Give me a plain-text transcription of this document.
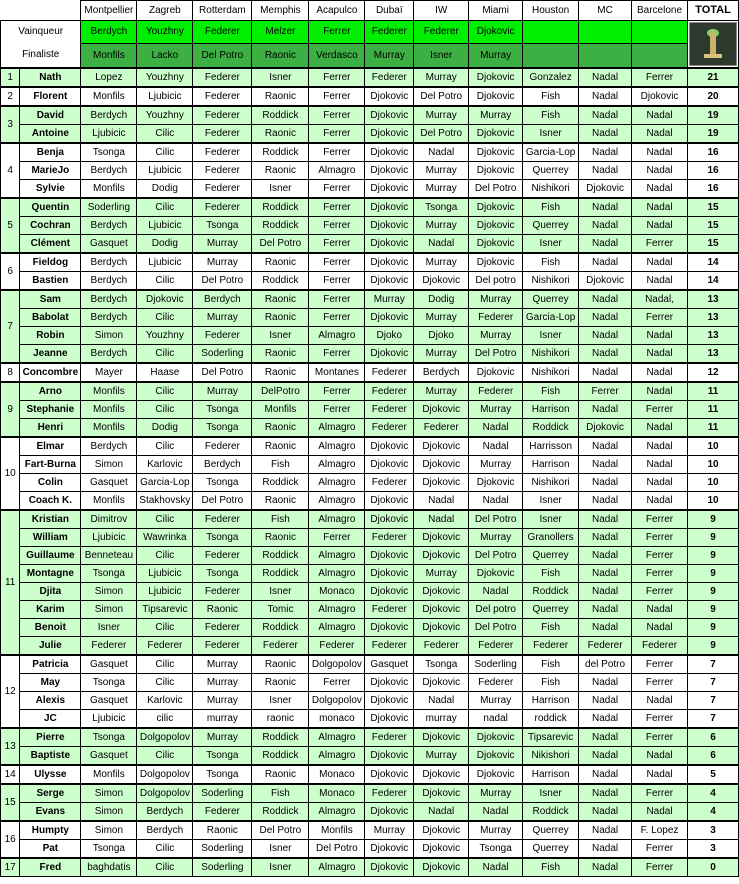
		Montpellier	Zagreb	Rotterdam	Memphis	Acapulco	Dubaï	IW	Miami	Houston	MC	Barcelone	TOTAL
Vainqueur		Berdych	Youzhny	Federer	Melzer	Ferrer	Federer	Federer	Djokovic				

Finaliste		Monfils	Lacko	Del Potro	Raonic	Verdasco	Murray	Isner	Murray				
1	Nath	Lopez	Youzhny	Federer	Isner	Ferrer	Federer	Murray	Djokovic	Gonzalez	Nadal	Ferrer	21
2	Florent	Monfils	Ljubicic	Federer	Raonic	Ferrer	Djokovic	Del Potro	Djokovic	Fish	Nadal	Djokovic	20
3	David	Berdych	Youzhny	Federer	Roddick	Ferrer	Djokovic	Murray	Murray	Fish	Nadal	Nadal	19
	Antoine	Ljubicic	Cilic	Federer	Raonic	Ferrer	Djokovic	Del Potro	Djokovic	Isner	Nadal	Nadal	19
4	Benja	Tsonga	Cilic	Federer	Roddick	Ferrer	Djokovic	Nadal	Djokovic	Garcia-Lop	Nadal	Nadal	16
	MarieJo	Berdych	Ljubicic	Federer	Raonic	Almagro	Djokovic	Murray	Djokovic	Querrey	Nadal	Nadal	16
	Sylvie	Monfils	Dodig	Federer	Isner	Ferrer	Djokovic	Murray	Del Potro	Nishikori	Djokovic	Nadal	16
5	Quentin	Soderling	Cilic	Federer	Roddick	Ferrer	Djokovic	Tsonga	Djokovic	Fish	Nadal	Nadal	15
	Cochran	Berdych	Ljubicic	Tsonga	Roddick	Ferrer	Djokovic	Murray	Djokovic	Querrey	Nadal	Nadal	15
	Clément	Gasquet	Dodig	Murray	Del Potro	Ferrer	Djokovic	Nadal	Djokovic	Isner	Nadal	Ferrer	15
6	Fieldog	Berdych	Ljubicic	Murray	Raonic	Ferrer	Djokovic	Murray	Djokovic	Fish	Nadal	Nadal	14
	Bastien	Berdych	Cilic	Del Potro	Roddick	Ferrer	Djokovic	Djokovic	Del potro	Nishikori	Djokovic	Nadal	14
7	Sam	Berdych	Djokovic	Berdych	Raonic	Ferrer	Murray	Dodig	Murray	Querrey	Nadal	Nadal,	13
	Babolat	Berdych	Cilic	Murray	Raonic	Ferrer	Djokovic	Murray	Federer	Garcia-Lop	Nadal	Ferrer	13
	Robin	Simon	Youzhny	Federer	Isner	Almagro	Djoko	Djoko	Murray	Isner	Nadal	Nadal	13
	Jeanne	Berdych	Cilic	Soderling	Raonic	Ferrer	Djokovic	Murray	Del Potro	Nishikori	Nadal	Nadal	13
8	Concombre	Mayer	Haase	Del Potro	Raonic	Montanes	Federer	Berdych	Djokovic	Nishikori	Nadal	Nadal	12
9	Arno	Monfils	Cilic	Murray	DelPotro	Ferrer	Federer	Murray	Federer	Fish	Ferrer	Nadal	11
	Stephanie	Monfils	Cilic	Tsonga	Monfils	Ferrer	Federer	Djokovic	Murray	Harrison	Nadal	Ferrer	11
	Henri	Monfils	Dodig	Tsonga	Raonic	Almagro	Federer	Federer	Nadal	Roddick	Djokovic	Nadal	11
10	Elmar	Berdych	Cilic	Federer	Raonic	Almagro	Djokovic	Djokovic	Nadal	Harrisson	Nadal	Nadal	10
	Fart-Burna	Simon	Karlovic	Berdych	Fish	Almagro	Djokovic	Djokovic	Murray	Harrison	Nadal	Nadal	10
	Colin	Gasquet	Garcia-Lop	Tsonga	Roddick	Almagro	Federer	Djokovic	Djokovic	Nishikori	Nadal	Nadal	10
	Coach K.	Monfils	Stakhovsky	Del Potro	Raonic	Almagro	Djokovic	Nadal	Nadal	Isner	Nadal	Nadal	10
11	Kristian	Dimitrov	Cilic	Federer	Fish	Almagro	Djokovic	Nadal	Del Potro	Isner	Nadal	Ferrer	9
	William	Ljubicic	Wawrinka	Tsonga	Raonic	Ferrer	Federer	Djokovic	Murray	Granollers	Nadal	Ferrer	9
	Guillaume	Benneteau	Cilic	Federer	Roddick	Almagro	Djokovic	Djokovic	Del Potro	Querrey	Nadal	Ferrer	9
	Montagne	Tsonga	Ljubicic	Tsonga	Roddick	Almagro	Djokovic	Murray	Djokovic	Fish	Nadal	Ferrer	9
	Djita	Simon	Ljubicic	Federer	Isner	Monaco	Djokovic	Djokovic	Nadal	Roddick	Nadal	Ferrer	9
	Karim	Simon	Tipsarevic	Raonic	Tomic	Almagro	Federer	Djokovic	Del potro	Querrey	Nadal	Nadal	9
	Benoit	Isner	Cilic	Federer	Roddick	Almagro	Djokovic	Djokovic	Del Potro	Fish	Nadal	Nadal	9
	Julie	Federer	Federer	Federer	Federer	Federer	Federer	Federer	Federer	Federer	Federer	Federer	9
12	Patricia	Gasquet	Cilic	Murray	Raonic	Dolgopolov	Gasquet	Tsonga	Soderling	Fish	del Potro	Ferrer	7
	May	Tsonga	Cilic	Murray	Raonic	Ferrer	Djokovic	Djokovic	Federer	Fish	Nadal	Ferrer	7
	Alexis	Gasquet	Karlovic	Murray	Isner	Dolgopolov	Djokovic	Nadal	Murray	Harrison	Nadal	Nadal	7
	JC	Ljubicic	cilic	murray	raonic	monaco	Djokovic	murray	nadal	roddick	Nadal	Ferrer	7
13	Pierre	Tsonga	Dolgopolov	Murray	Roddick	Almagro	Federer	Djokovic	Djokovic	Tipsarevic	Nadal	Ferrer	6
	Baptiste	Gasquet	Cilic	Tsonga	Roddick	Almagro	Djokovic	Murray	Djokovic	Nikishori	Nadal	Nadal	6
14	Ulysse	Monfils	Dolgopolov	Tsonga	Raonic	Monaco	Djokovic	Djokovic	Djokovic	Harrison	Nadal	Nadal	5
15	Serge	Simon	Dolgopolov	Soderling	Fish	Monaco	Federer	Djokovic	Murray	Isner	Nadal	Ferrer	4
	Evans	Simon	Berdych	Federer	Roddick	Almagro	Djokovic	Nadal	Nadal	Roddick	Nadal	Nadal	4
16	Humpty	Simon	Berdych	Raonic	Del Potro	Monfils	Murray	Djokovic	Murray	Querrey	Nadal	F. Lopez	3
	Pat	Tsonga	Cilic	Soderling	Isner	Del Potro	Djokovic	Djokovic	Tsonga	Querrey	Nadal	Ferrer	3
17	Fred	baghdatis	Cilic	Soderling	Isner	Almagro	Djokovic	Djokovic	Nadal	Fish	Nadal	Ferrer	0
